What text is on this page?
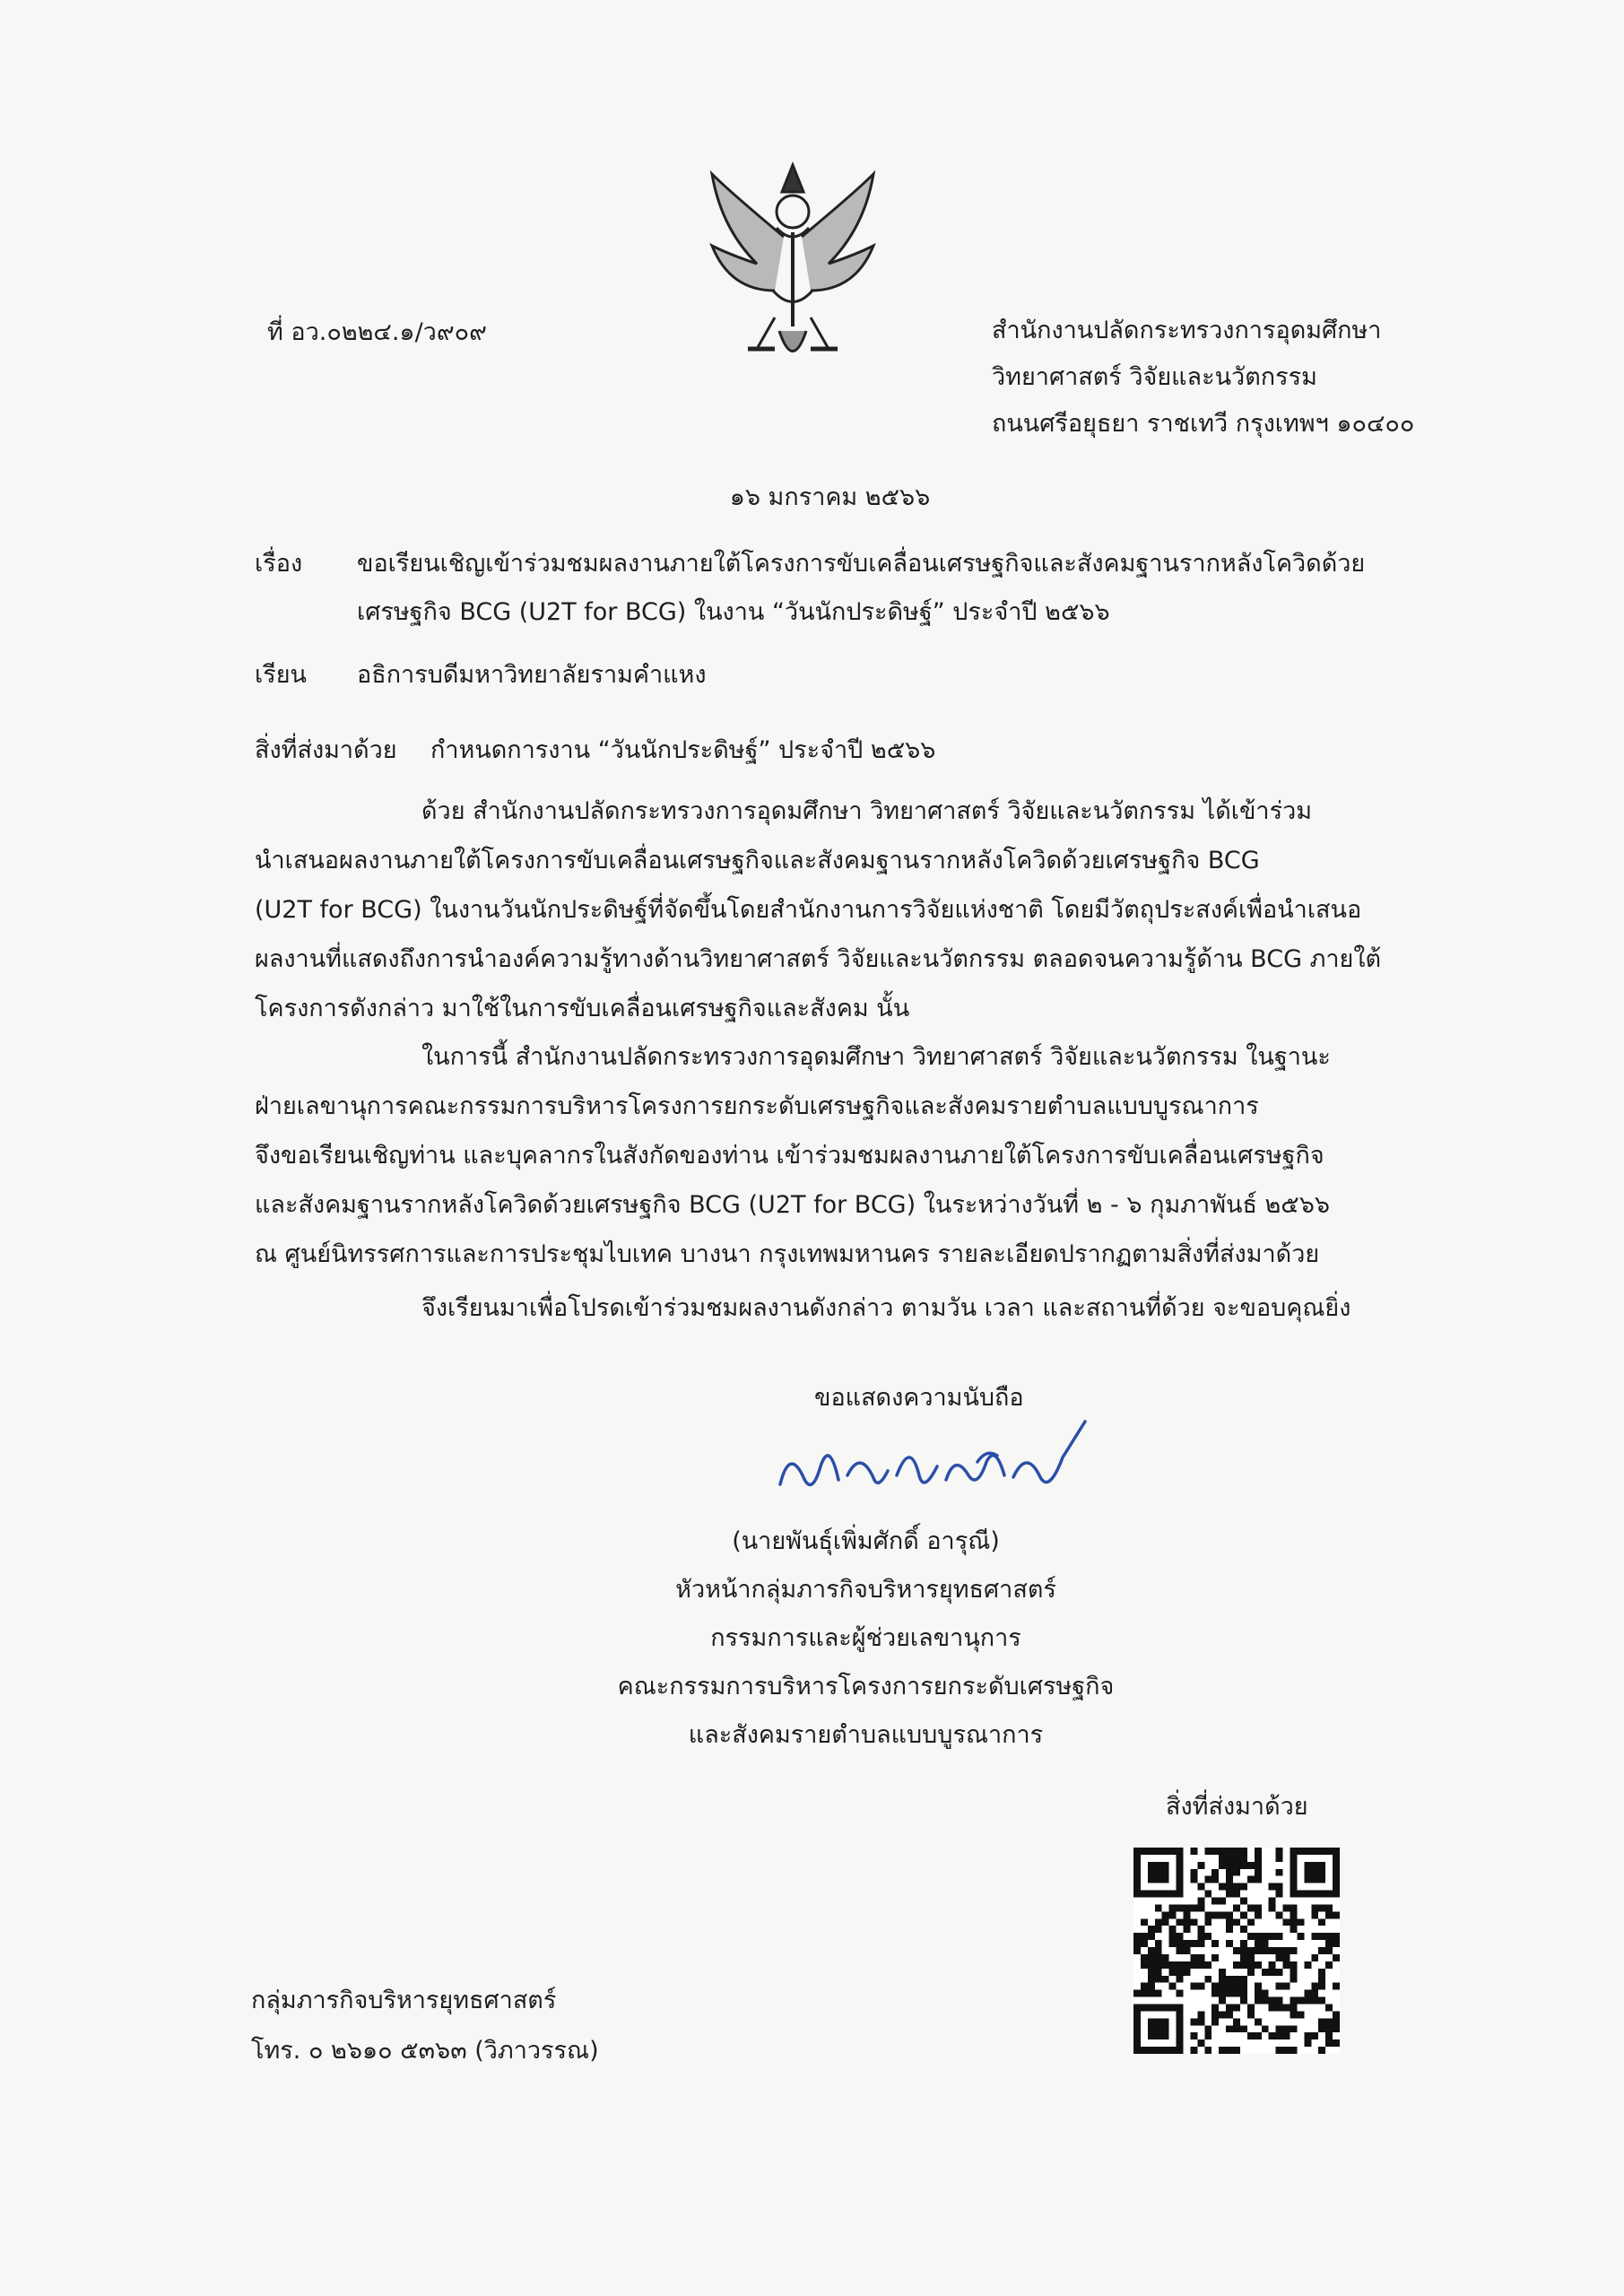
ที่ อว.๐๒๒๔.๑/ว๙๐๙	สำนักงานปลัดกระทรวงการอุดมศึกษา
วิทยาศาสตร์ วิจัยและนวัตกรรม
ถนนศรีอยุธยา ราชเทวี กรุงเทพฯ ๑๐๔๐๐
๑๖ มกราคม ๒๕๖๖
เรื่อง ขอเรียนเชิญเข้าร่วมชมผลงานภายใต้โครงการขับเคลื่อนเศรษฐกิจและสังคมฐานรากหลังโควิดด้วย
เศรษฐกิจ BCG (U2T for BCG) ในงาน “วันนักประดิษฐ์” ประจำปี ๒๕๖๖
เรียน อธิการบดีมหาวิทยาลัยรามคำแหง
สิ่งที่ส่งมาด้วย กำหนดการงาน “วันนักประดิษฐ์” ประจำปี ๒๕๖๖
ด้วย สำนักงานปลัดกระทรวงการอุดมศึกษา วิทยาศาสตร์ วิจัยและนวัตกรรม ได้เข้าร่วม
นำเสนอผลงานภายใต้โครงการขับเคลื่อนเศรษฐกิจและสังคมฐานรากหลังโควิดด้วยเศรษฐกิจ BCG
(U2T for BCG) ในงานวันนักประดิษฐ์ที่จัดขึ้นโดยสำนักงานการวิจัยแห่งชาติ โดยมีวัตถุประสงค์เพื่อนำเสนอ
ผลงานที่แสดงถึงการนำองค์ความรู้ทางด้านวิทยาศาสตร์ วิจัยและนวัตกรรม ตลอดจนความรู้ด้าน BCG ภายใต้
โครงการดังกล่าว มาใช้ในการขับเคลื่อนเศรษฐกิจและสังคม นั้น
ในการนี้ สำนักงานปลัดกระทรวงการอุดมศึกษา วิทยาศาสตร์ วิจัยและนวัตกรรม ในฐานะ
ฝ่ายเลขานุการคณะกรรมการบริหารโครงการยกระดับเศรษฐกิจและสังคมรายตำบลแบบบูรณาการ
จึงขอเรียนเชิญท่าน และบุคลากรในสังกัดของท่าน เข้าร่วมชมผลงานภายใต้โครงการขับเคลื่อนเศรษฐกิจ
และสังคมฐานรากหลังโควิดด้วยเศรษฐกิจ BCG (U2T for BCG) ในระหว่างวันที่ ๒ - ๖ กุมภาพันธ์ ๒๕๖๖
ณ ศูนย์นิทรรศการและการประชุมไบเทค บางนา กรุงเทพมหานคร รายละเอียดปรากฏตามสิ่งที่ส่งมาด้วย
จึงเรียนมาเพื่อโปรดเข้าร่วมชมผลงานดังกล่าว ตามวัน เวลา และสถานที่ด้วย จะขอบคุณยิ่ง
ขอแสดงความนับถือ
(นายพันธุ์เพิ่มศักดิ์ อารุณี)
หัวหน้ากลุ่มภารกิจบริหารยุทธศาสตร์
กรรมการและผู้ช่วยเลขานุการ
คณะกรรมการบริหารโครงการยกระดับเศรษฐกิจ
และสังคมรายตำบลแบบบูรณาการ
สิ่งที่ส่งมาด้วย
กลุ่มภารกิจบริหารยุทธศาสตร์
โทร. ๐ ๒๖๑๐ ๕๓๖๓ (วิภาวรรณ)
